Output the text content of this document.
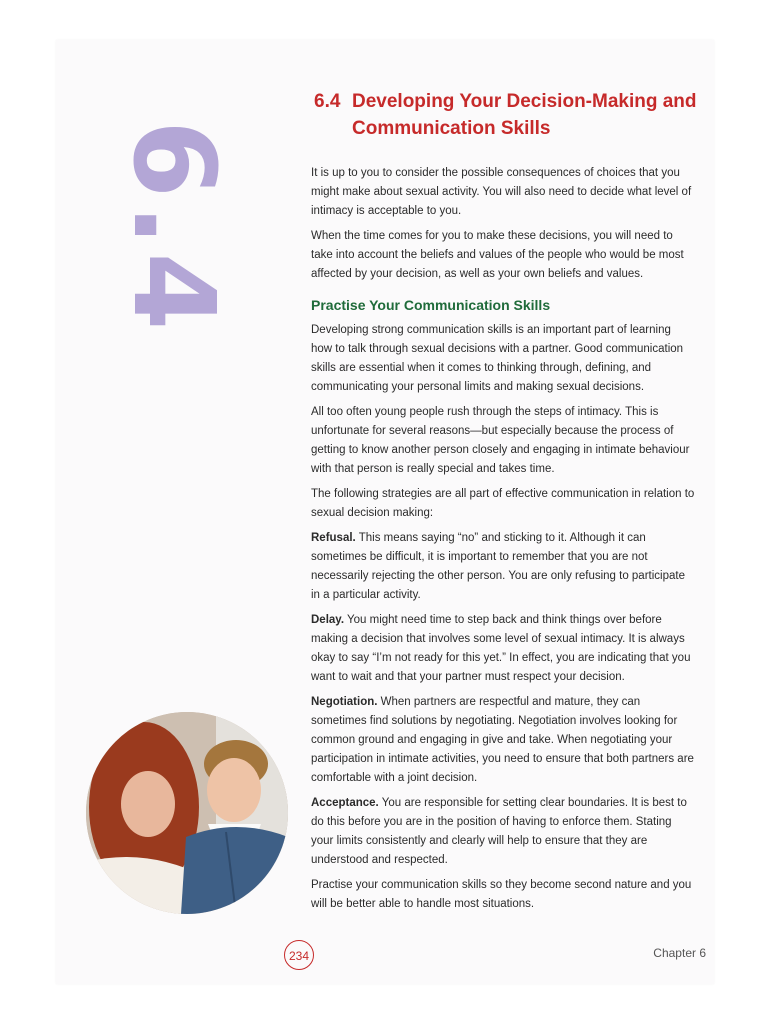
6.4
6.4 Developing Your Decision-Making and
Communication Skills

It is up to you to consider the possible consequences of choices that you might make about sexual activity. You will also need to decide what level of intimacy is acceptable to you.

When the time comes for you to make these decisions, you will need to take into account the beliefs and values of the people who would be most affected by your decision, as well as your own beliefs and values.

Practise Your Communication Skills

Developing strong communication skills is an important part of learning how to talk through sexual decisions with a partner. Good communication skills are essential when it comes to thinking through, defining, and communicating your personal limits and making sexual decisions.

All too often young people rush through the steps of intimacy. This is unfortunate for several reasons—but especially because the process of getting to know another person closely and engaging in intimate behaviour with that person is really special and takes time.

The following strategies are all part of effective communication in relation to sexual decision making:

Refusal. This means saying “no” and sticking to it. Although it can sometimes be difficult, it is important to remember that you are not necessarily rejecting the other person. You are only refusing to participate in a particular activity.

Delay. You might need time to step back and think things over before making a decision that involves some level of sexual intimacy. It is always okay to say “I’m not ready for this yet.” In effect, you are indicating that you want to wait and that your partner must respect your decision.

Negotiation. When partners are respectful and mature, they can sometimes find solutions by negotiating. Negotiation involves looking for common ground and engaging in give and take. When negotiating your participation in intimate activities, you need to ensure that both partners are comfortable with a joint decision.

Acceptance. You are responsible for setting clear boundaries. It is best to do this before you are in the position of having to enforce them. Stating your limits consistently and clearly will help to ensure that they are understood and respected.

Practise your communication skills so they become second nature and you will be better able to handle most situations.

234	Chapter 6
